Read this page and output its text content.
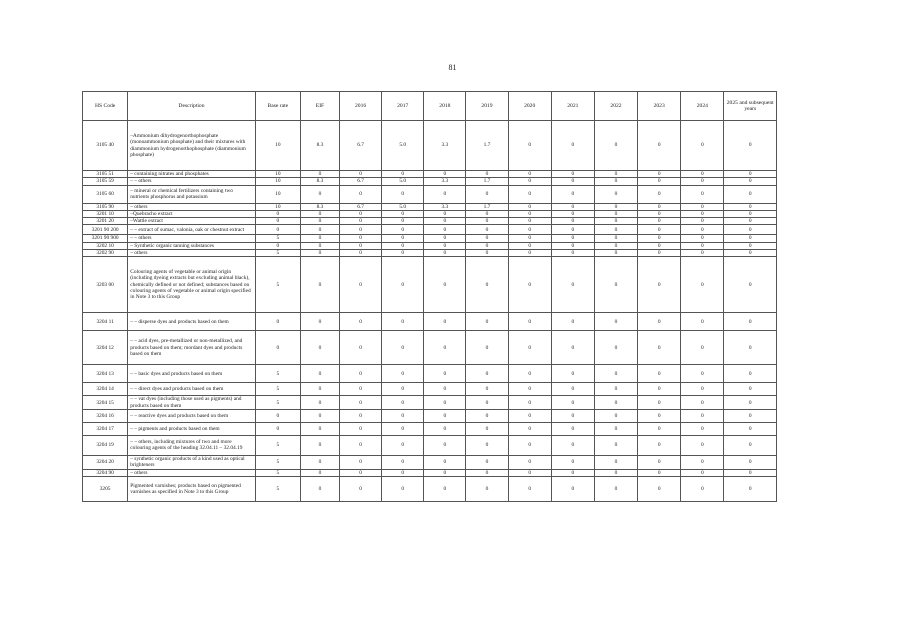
81
HS Code	Description	Base rate	EIF	2016	2017	2018	2019	2020	2021	2022	2023	2024	2025 and subsequent years
3105 40	–Ammonium dihydrogenorthophosphate (monoammonium phosphate) and their mixtures with diammonium hydrogenorthophosphate (diammonium phosphate)	10	8.3	6.7	5.0	3.3	1.7	0	0	0	0	0	0
3105 51	– containing nitrates and phosphates	10	0	0	0	0	0	0	0	0	0	0	0
3105 59	– – others	10	8.3	6.7	5.0	3.3	1.7	0	0	0	0	0	0
3105 60	– mineral or chemical fertilizers containing two nutrients phosphorus and potassium	10	0	0	0	0	0	0	0	0	0	0	0
3105 90	– others	10	8.3	6.7	5.0	3.3	1.7	0	0	0	0	0	0
3201 10	–Quebracho extract	0	0	0	0	0	0	0	0	0	0	0	0
3201 20	–Wattle extract	0	0	0	0	0	0	0	0	0	0	0	0
3201 90 200	– – extract of sumac, valonia, oak or chestnut extract	0	0	0	0	0	0	0	0	0	0	0	0
3201 90 900	– – others	5	0	0	0	0	0	0	0	0	0	0	0
3202 10	– Synthetic organic tanning substances	0	0	0	0	0	0	0	0	0	0	0	0
3202 90	– others	5	0	0	0	0	0	0	0	0	0	0	0
3203 00	Colouring agents of vegetable or animal origin (including dyeing extracts but excluding animal black), chemically defined or not defined; substances based on colouring agents of vegetable or animal origin specified in Note 3 to this Group	5	0	0	0	0	0	0	0	0	0	0	0
3204 11	– – disperse dyes and products based on them	0	0	0	0	0	0	0	0	0	0	0	0
3204 12	– – acid dyes, pre-metallized or non-metallized, and products based on them; mordant dyes and products based on them	0	0	0	0	0	0	0	0	0	0	0	0
3204 13	– – basic dyes and products based on them	5	0	0	0	0	0	0	0	0	0	0	0
3204 14	– – direct dyes and products based on them	5	0	0	0	0	0	0	0	0	0	0	0
3204 15	– – vat dyes (including those used as pigments) and products based on them	5	0	0	0	0	0	0	0	0	0	0	0
3204 16	– – reactive dyes and products based on them	0	0	0	0	0	0	0	0	0	0	0	0
3204 17	– – pigments and products based on them	0	0	0	0	0	0	0	0	0	0	0	0
3204 19	– – others, including mixtures of two and more colouring agents of the heading 32.04.11 – 32.04.19	5	0	0	0	0	0	0	0	0	0	0	0
3204 20	– synthetic organic products of a kind used as optical brighteners	5	0	0	0	0	0	0	0	0	0	0	0
3204 90	– others	5	0	0	0	0	0	0	0	0	0	0	0
3205	Pigmented varnishes; products based on pigmented varnishes as specified in Note 3 to this Group	5	0	0	0	0	0	0	0	0	0	0	0
